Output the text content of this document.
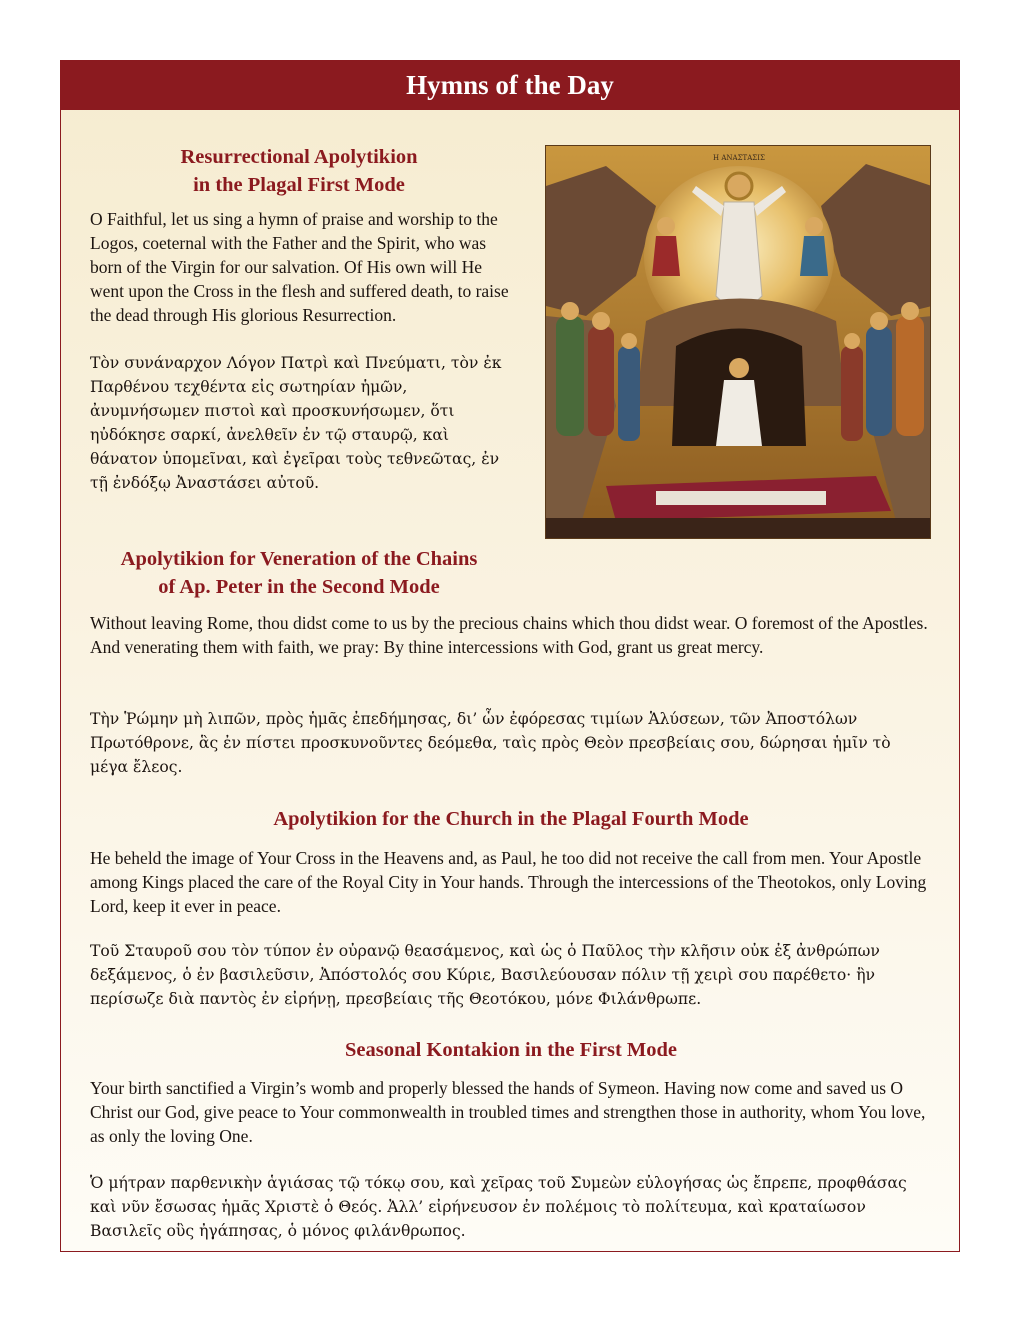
Hymns of the Day
Resurrectional Apolytikion
in the Plagal First Mode

O Faithful, let us sing a hymn of praise and worship to the Logos, coeternal with the Father and the Spirit, who was born of the Virgin for our salvation. Of His own will He went upon the Cross in the flesh and suffered death, to raise the dead through His glorious Resurrection.

Τὸν συνάναρχον Λόγον Πατρὶ καὶ Πνεύματι, τὸν ἐκ Παρθένου τεχθέντα εἰς σωτηρίαν ἡμῶν, ἀνυμνήσωμεν πιστοὶ καὶ προσκυνήσωμεν, ὅτι ηὐδόκησε σαρκί, ἀνελθεῖν ἐν τῷ σταυρῷ, καὶ θάνατον ὑπομεῖναι, καὶ ἐγεῖραι τοὺς τεθνεῶτας, ἐν τῇ ἐνδόξῳ Ἀναστάσει αὐτοῦ.

Η ΑΝΑΣΤΑΣΙΣ
Apolytikion for Veneration of the Chains
of Ap. Peter in the Second Mode

Without leaving Rome, thou didst come to us by the precious chains which thou didst wear. O foremost of the Apostles. And venerating them with faith, we pray: By thine intercessions with God, grant us great mercy.

Τὴν Ῥώμην μὴ λιπῶν, πρὸς ἡμᾶς ἐπεδήμησας, δι’ ὧν ἐφόρεσας τιμίων Ἁλύσεων, τῶν Ἀποστόλων Πρωτόθρονε, ἃς ἐν πίστει προσκυνοῦντες δεόμεθα, ταὶς πρὸς Θεὸν πρεσβείαις σου, δώρησαι ἡμῖν τὸ μέγα ἔλεος.

Apolytikion for the Church in the Plagal Fourth Mode

He beheld the image of Your Cross in the Heavens and, as Paul, he too did not receive the call from men. Your Apostle among Kings placed the care of the Royal City in Your hands. Through the intercessions of the Theotokos, only Loving Lord, keep it ever in peace.

Τοῦ Σταυροῦ σου τὸν τύπον ἐν οὐρανῷ θεασάμενος, καὶ ὡς ὁ Παῦλος τὴν κλῆσιν οὐκ ἐξ ἀνθρώπων δεξάμενος, ὁ ἐν βασιλεῦσιν, Ἀπόστολός σου Κύριε, Βασιλεύουσαν πόλιν τῇ χειρὶ σου παρέθετο· ἣν περίσωζε διὰ παντὸς ἐν εἰρήνῃ, πρεσβείαις τῆς Θεοτόκου, μόνε Φιλάνθρωπε.

Seasonal Kontakion in the First Mode

Your birth sanctified a Virgin’s womb and properly blessed the hands of Symeon. Having now come and saved us O Christ our God, give peace to Your commonwealth in troubled times and strengthen those in authority, whom You love, as only the loving One.

Ὁ μήτραν παρθενικὴν ἁγιάσας τῷ τόκῳ σου, καὶ χεῖρας τοῦ Συμεὼν εὐλογήσας ὡς ἔπρεπε, προφθάσας καὶ νῦν ἔσωσας ἡμᾶς Χριστὲ ὁ Θεός. Ἀλλ’ εἰρήνευσον ἐν πολέμοις τὸ πολίτευμα, καὶ κραταίωσον Βασιλεῖς οὓς ἠγάπησας, ὁ μόνος φιλάνθρωπος.
